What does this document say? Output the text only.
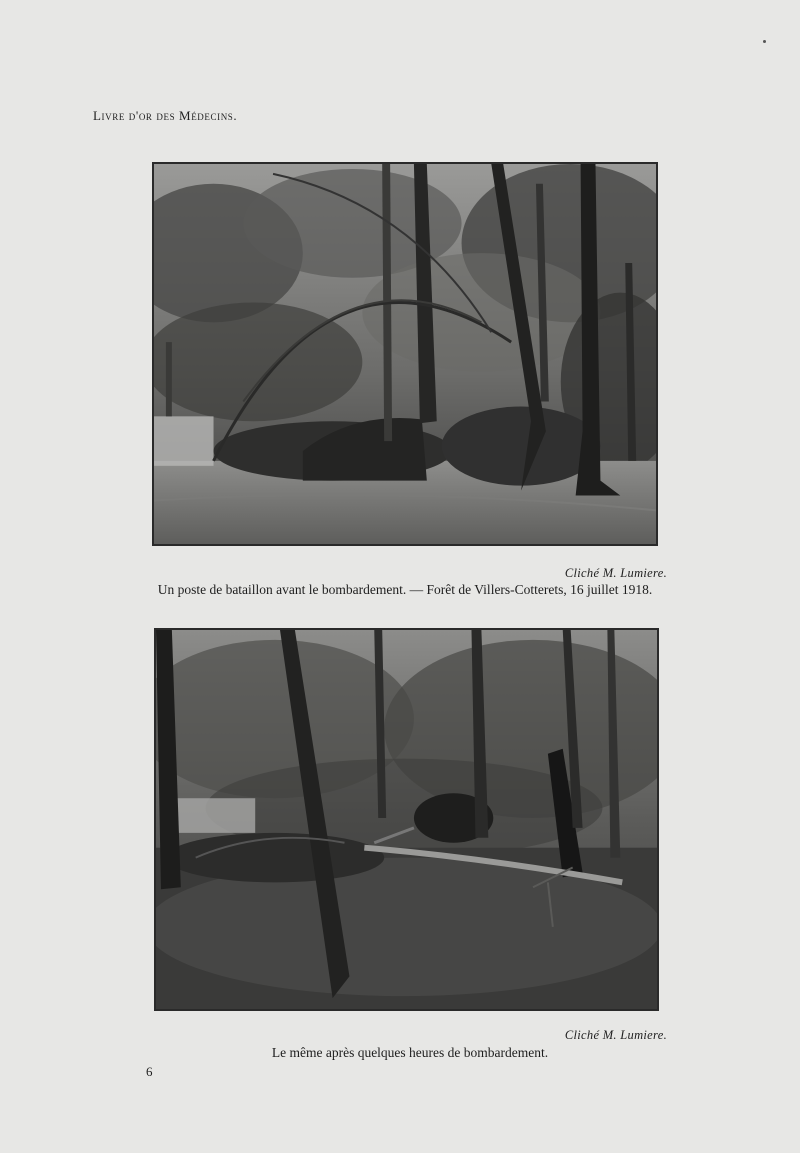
Livre d'or des Médecins.
Cliché M. Lumiere.
Un poste de bataillon avant le bombardement. — Forêt de Villers-Cotterets, 16 juillet 1918.
Cliché M. Lumiere.
Le même après quelques heures de bombardement.
6
